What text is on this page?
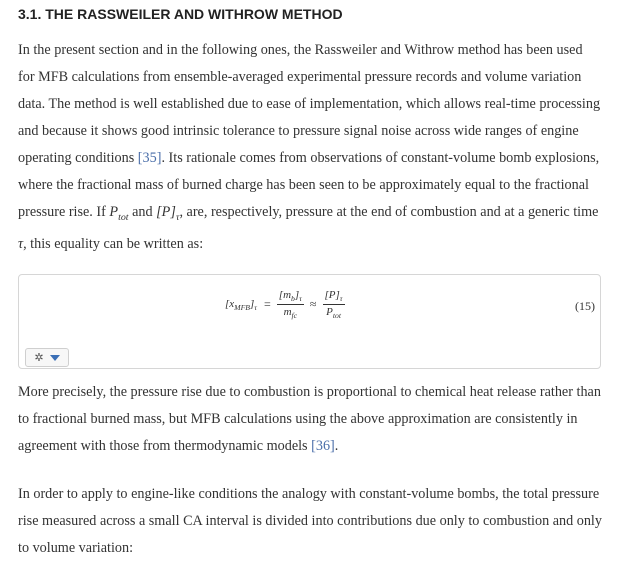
3.1. THE RASSWEILER AND WITHROW METHOD

In the present section and in the following ones, the Rassweiler and Withrow method has been used for MFB calculations from ensemble-averaged experimental pressure records and volume variation data. The method is well established due to ease of implementation, which allows real-time processing and because it shows good intrinsic tolerance to pressure signal noise across wide ranges of engine operating conditions [35]. Its rationale comes from observations of constant-volume bomb explosions, where the fractional mass of burned charge has been seen to be approximately equal to the fractional pressure rise. If $P_{tot}$ and $[P]_\tau$, are, respectively, pressure at the end of combustion and at a generic time τ, this equality can be written as:

$[x_{MFB}]_\tau = \frac{[m_b]_\tau}{m_{fc}} \approx \frac{[P]_\tau}{P_{tot}}$	(15)
✲

More precisely, the pressure rise due to combustion is proportional to chemical heat release rather than to fractional burned mass, but MFB calculations using the above approximation are consistently in agreement with those from thermodynamic models [36].

In order to apply to engine-like conditions the analogy with constant-volume bombs, the total pressure rise measured across a small CA interval is divided into contributions due only to combustion and only to volume variation:
